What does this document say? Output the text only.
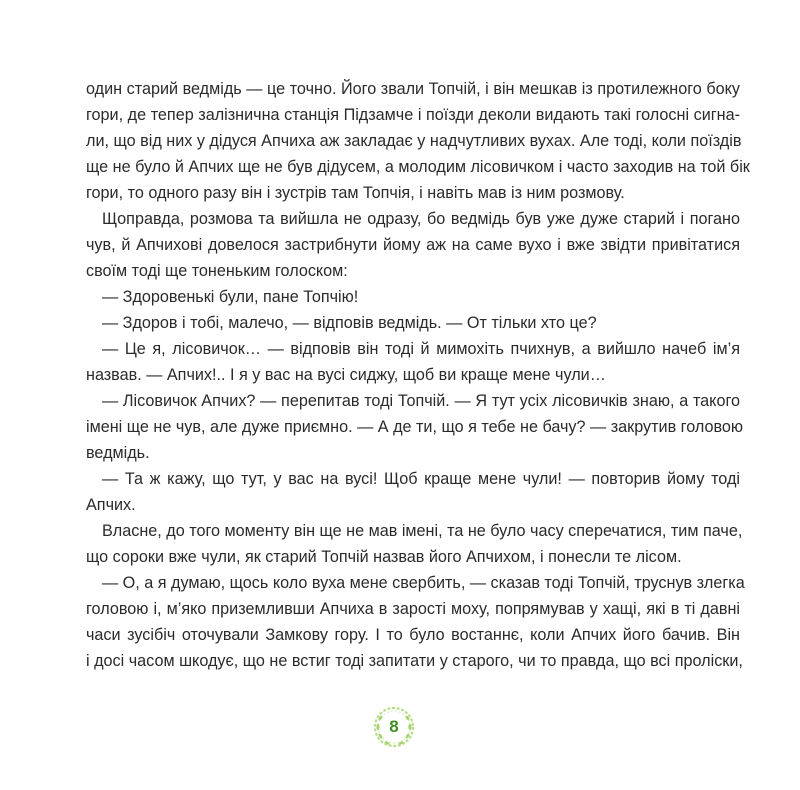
один старий ведмідь — це точно. Його звали Топчій, і він мешкав із протилежного боку
гори, де тепер залізнична станція Підзамче і поїзди деколи видають такі голосні сигна-
ли, що від них у дідуся Апчиха аж закладає у надчутливих вухах. Але тоді, коли поїздів
ще не було й Апчих ще не був дідусем, а молодим лісовичком і часто заходив на той бік
гори, то одного разу він і зустрів там Топчія, і навіть мав із ним розмову.
Щоправда, розмова та вийшла не одразу, бо ведмідь був уже дуже старий і погано
чув, й Апчихові довелося застрибнути йому аж на саме вухо і вже звідти привітатися
своїм тоді ще тоненьким голоском:
— Здоровенькі були, пане Топчію!
— Здоров і тобі, малечо, — відповів ведмідь. — От тільки хто це?
— Це я, лісовичок… — відповів він тоді й мимохіть пчихнув, а вийшло начеб ім’я
назвав. — Апчих!.. І я у вас на вусі сиджу, щоб ви краще мене чули…
— Лісовичок Апчих? — перепитав тоді Топчій. — Я тут усіх лісовичків знаю, а такого
імені ще не чув, але дуже приємно. — А де ти, що я тебе не бачу? — закрутив головою
ведмідь.
— Та ж кажу, що тут, у вас на вусі! Щоб краще мене чули! — повторив йому тоді
Апчих.
Власне, до того моменту він ще не мав імені, та не було часу сперечатися, тим паче,
що сороки вже чули, як старий Топчій назвав його Апчихом, і понесли те лісом.
— О, а я думаю, щось коло вуха мене свербить, — сказав тоді Топчій, труснув злегка
головою і, м’яко приземливши Апчиха в зарості моху, попрямував у хащі, які в ті давні
часи зусібіч оточували Замкову гору. І то було востаннє, коли Апчих його бачив. Він
і досі часом шкодує, що не встиг тоді запитати у старого, чи то правда, що всі проліски,
8
